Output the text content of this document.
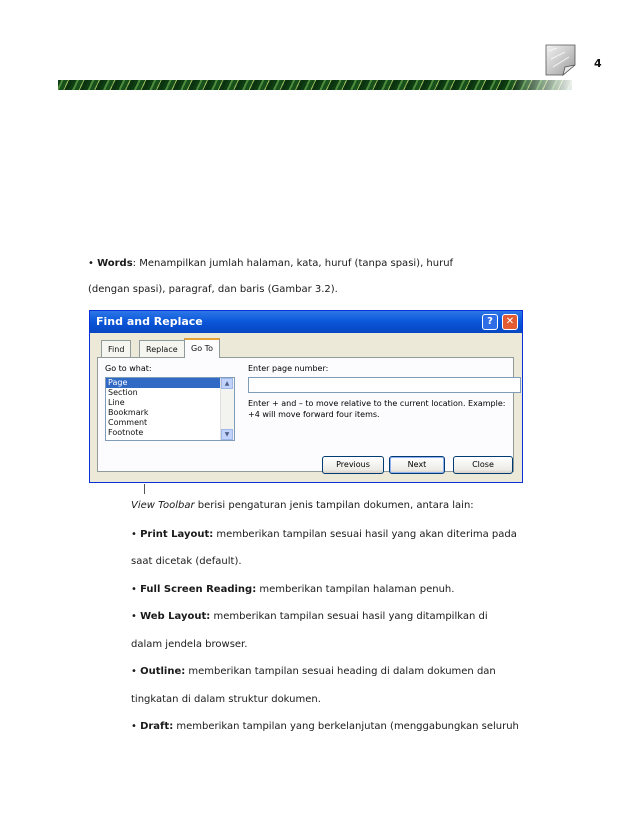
4
• Words: Menampilkan jumlah halaman, kata, huruf (tanpa spasi), huruf
(dengan spasi), paragraf, dan baris (Gambar 3.2).
Find and Replace	?	✕
Find	Replace	Go To
Go to what:
Page
Section
Line
Bookmark
Comment
Footnote
▲
▼
Enter page number:
Enter + and – to move relative to the current location. Example: +4 will move forward four items.
Previous	Next	Close
View Toolbar berisi pengaturan jenis tampilan dokumen, antara lain:
• Print Layout: memberikan tampilan sesuai hasil yang akan diterima pada
saat dicetak (default).
• Full Screen Reading: memberikan tampilan halaman penuh.
• Web Layout: memberikan tampilan sesuai hasil yang ditampilkan di
dalam jendela browser.
• Outline: memberikan tampilan sesuai heading di dalam dokumen dan
tingkatan di dalam struktur dokumen.
• Draft: memberikan tampilan yang berkelanjutan (menggabungkan seluruh
